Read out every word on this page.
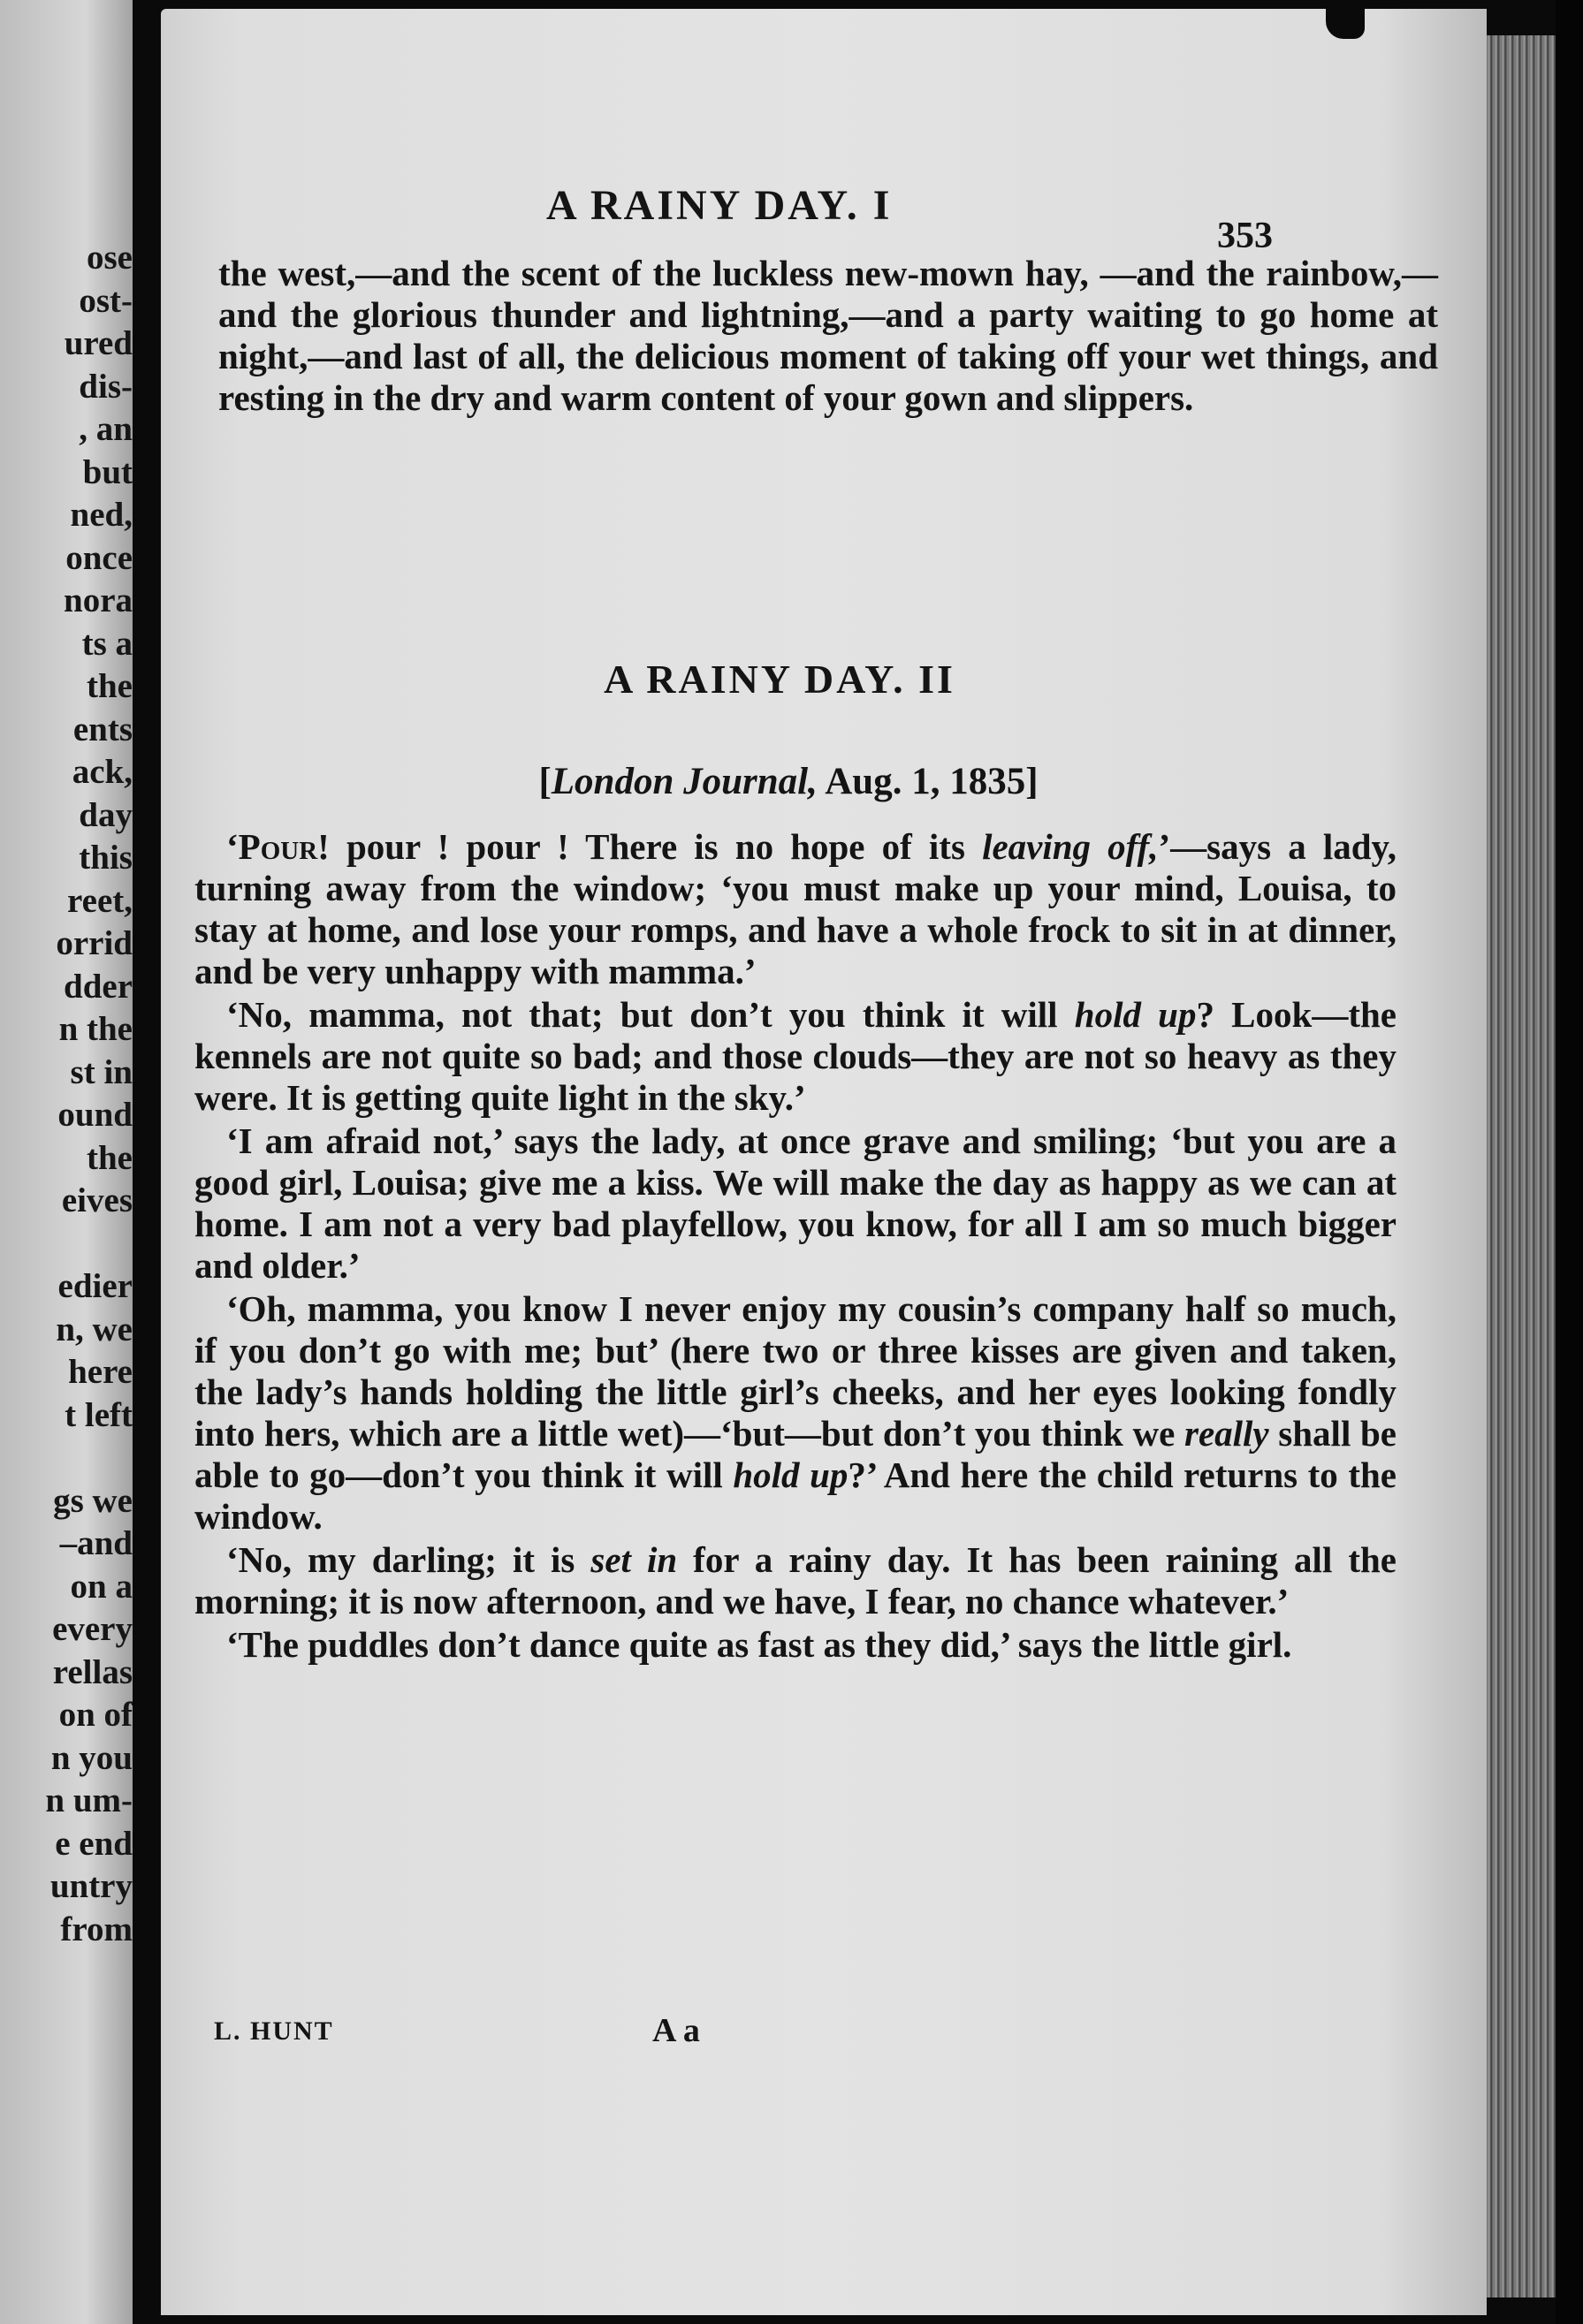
ose
ost-
ured
dis-
, an
but
ned,
once
nora
ts a
the
ents
ack,
day
this
reet,
orrid
dder
n the
st in
ound
the
eives

edier
n, we
here
t left

gs we
–and
on a
every
rellas
on of
n you
n um-
e end
untry
from
A RAINY DAY. I
353

the west,—and the scent of the luckless new-mown hay, —and the rainbow,—and the glorious thunder and lightning,—and a party waiting to go home at night,—and last of all, the delicious moment of taking off your wet things, and resting in the dry and warm content of your gown and slippers.

A RAINY DAY. II
[London Journal, Aug. 1, 1835]

‘Pour! pour ! pour ! There is no hope of its leaving off,’—says a lady, turning away from the window; ‘you must make up your mind, Louisa, to stay at home, and lose your romps, and have a whole frock to sit in at dinner, and be very unhappy with mamma.’

‘No, mamma, not that; but don’t you think it will hold up? Look—the kennels are not quite so bad; and those clouds—they are not so heavy as they were. It is getting quite light in the sky.’

‘I am afraid not,’ says the lady, at once grave and smiling; ‘but you are a good girl, Louisa; give me a kiss. We will make the day as happy as we can at home. I am not a very bad playfellow, you know, for all I am so much bigger and older.’

‘Oh, mamma, you know I never enjoy my cousin’s company half so much, if you don’t go with me; but’ (here two or three kisses are given and taken, the lady’s hands holding the little girl’s cheeks, and her eyes looking fondly into hers, which are a little wet)—‘but—but don’t you think we really shall be able to go—don’t you think it will hold up?’ And here the child returns to the window.

‘No, my darling; it is set in for a rainy day. It has been raining all the morning; it is now afternoon, and we have, I fear, no chance whatever.’

‘The puddles don’t dance quite as fast as they did,’ says the little girl.

L. HUNT	A a
